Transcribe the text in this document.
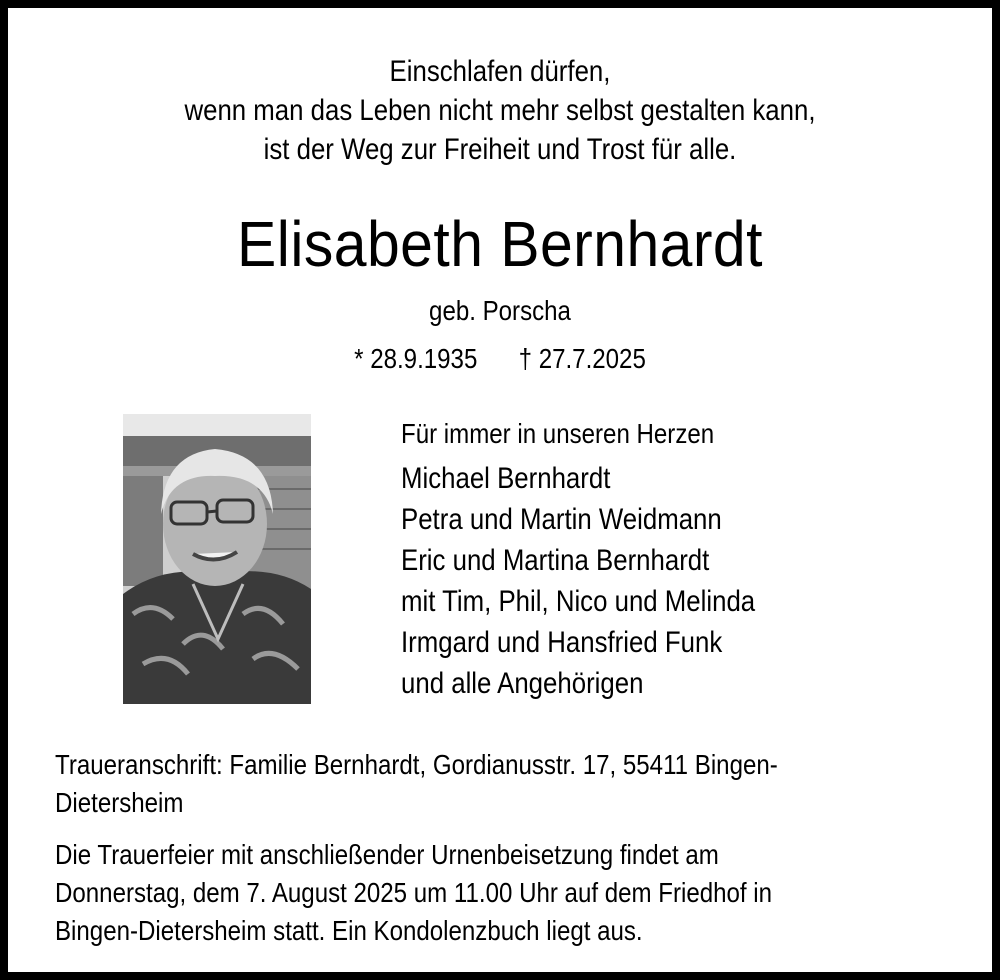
Einschlafen dürfen,
wenn man das Leben nicht mehr selbst gestalten kann,
ist der Weg zur Freiheit und Trost für alle.
Elisabeth Bernhardt
geb. Porscha
* 28.9.1935 † 27.7.2025
Für immer in unseren Herzen
Michael Bernhardt
Petra und Martin Weidmann
Eric und Martina Bernhardt
mit Tim, Phil, Nico und Melinda
Irmgard und Hansfried Funk
und alle Angehörigen
Traueranschrift: Familie Bernhardt, Gordianusstr. 17, 55411 Bingen-
Dietersheim
Die Trauerfeier mit anschließender Urnenbeisetzung findet am
Donnerstag, dem 7. August 2025 um 11.00 Uhr auf dem Friedhof in
Bingen-Dietersheim statt. Ein Kondolenzbuch liegt aus.
